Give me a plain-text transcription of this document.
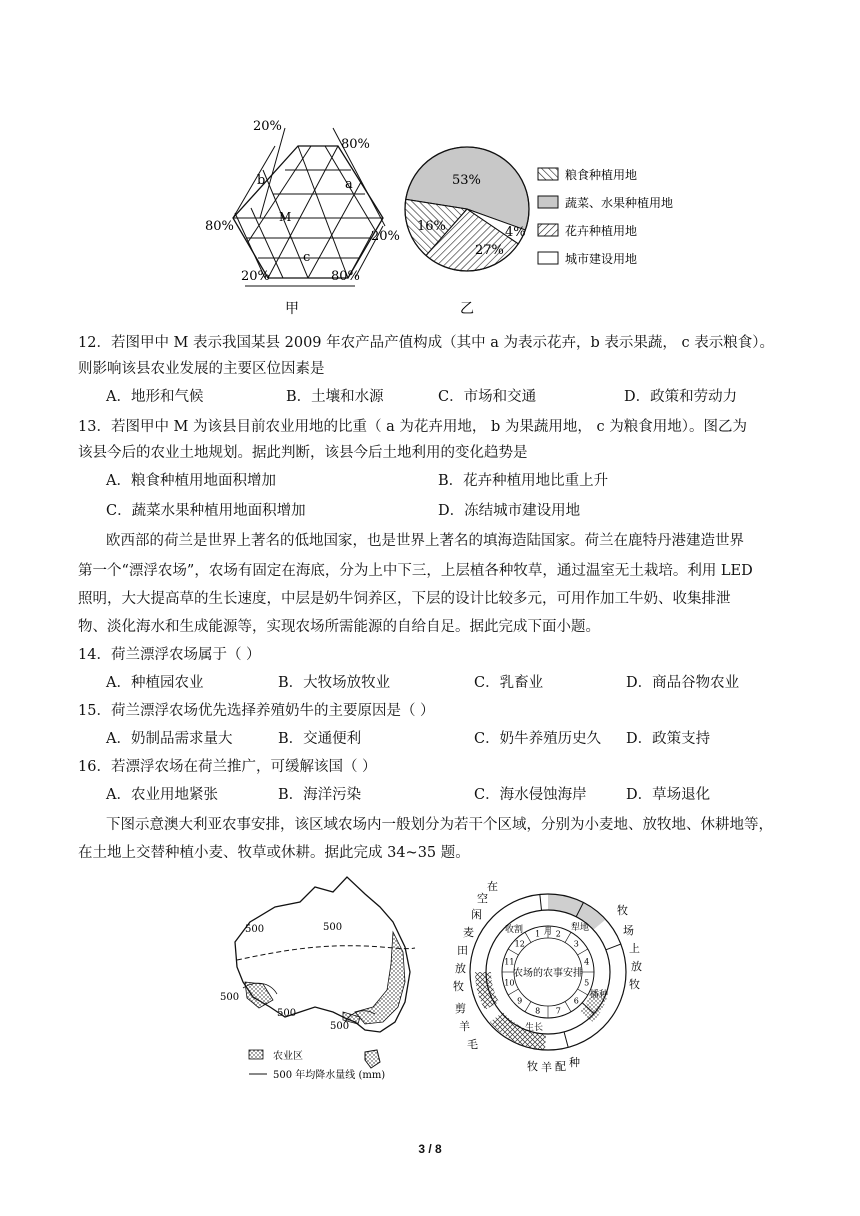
20%
80%
80%
20%
20%	80%
a
b
c
M
甲
53%
4%
27%
16%
乙
粮食种植用地
蔬菜、水果种植用地
花卉种植用地
城市建设用地
12．若图甲中 M 表示我国某县 2009 年农产品产值构成（其中 a 为表示花卉，b 表示果蔬， c 表示粮食）。
则影响该县农业发展的主要区位因素是
A．地形和气候	B．土壤和水源	C．市场和交通	D．政策和劳动力
13．若图甲中 M 为该县目前农业用地的比重（ a 为花卉用地， b 为果蔬用地， c 为粮食用地）。图乙为
该县今后的农业土地规划。据此判断，该县今后土地利用的变化趋势是
A．粮食种植用地面积增加	B．花卉种植用地比重上升
C．蔬菜水果种植用地面积增加	D．冻结城市建设用地
欧西部的荷兰是世界上著名的低地国家，也是世界上著名的填海造陆国家。荷兰在鹿特丹港建造世界
第一个“漂浮农场”，农场有固定在海底，分为上中下三，上层植各种牧草，通过温室无土栽培。利用 LED
照明，大大提高草的生长速度，中层是奶牛饲养区，下层的设计比较多元，可用作加工牛奶、收集排泄
物、淡化海水和生成能源等，实现农场所需能源的自给自足。据此完成下面小题。
14．荷兰漂浮农场属于（ ）
A．种植园农业	B．大牧场放牧业	C．乳畜业	D．商品谷物农业
15．荷兰漂浮农场优先选择养殖奶牛的主要原因是（ ）
A．奶制品需求量大	B．交通便利	C．奶牛养殖历史久 D．政策支持
16．若漂浮农场在荷兰推广，可缓解该国（ ）
A．农业用地紧张	B．海洋污染	C．海水侵蚀海岸	D．草场退化
下图示意澳大利亚农事安排，该区域农场内一般划分为若干个区域，分别为小麦地、放牧地、休耕地等，
在土地上交替种植小麦、牧草或休耕。据此完成 34~35 题。
500	500
500
500
500
农业区
500 年均降水量线 (mm)
农场的农事安排
月
1 2
3
4
5
6
7
8
9
10
11
12
收割	犁地
播种
生长
空
在
闲	牧
麦	场
田	上
放	放
牧	牧
剪
羊
毛
牧 羊 配 种
3 / 8
